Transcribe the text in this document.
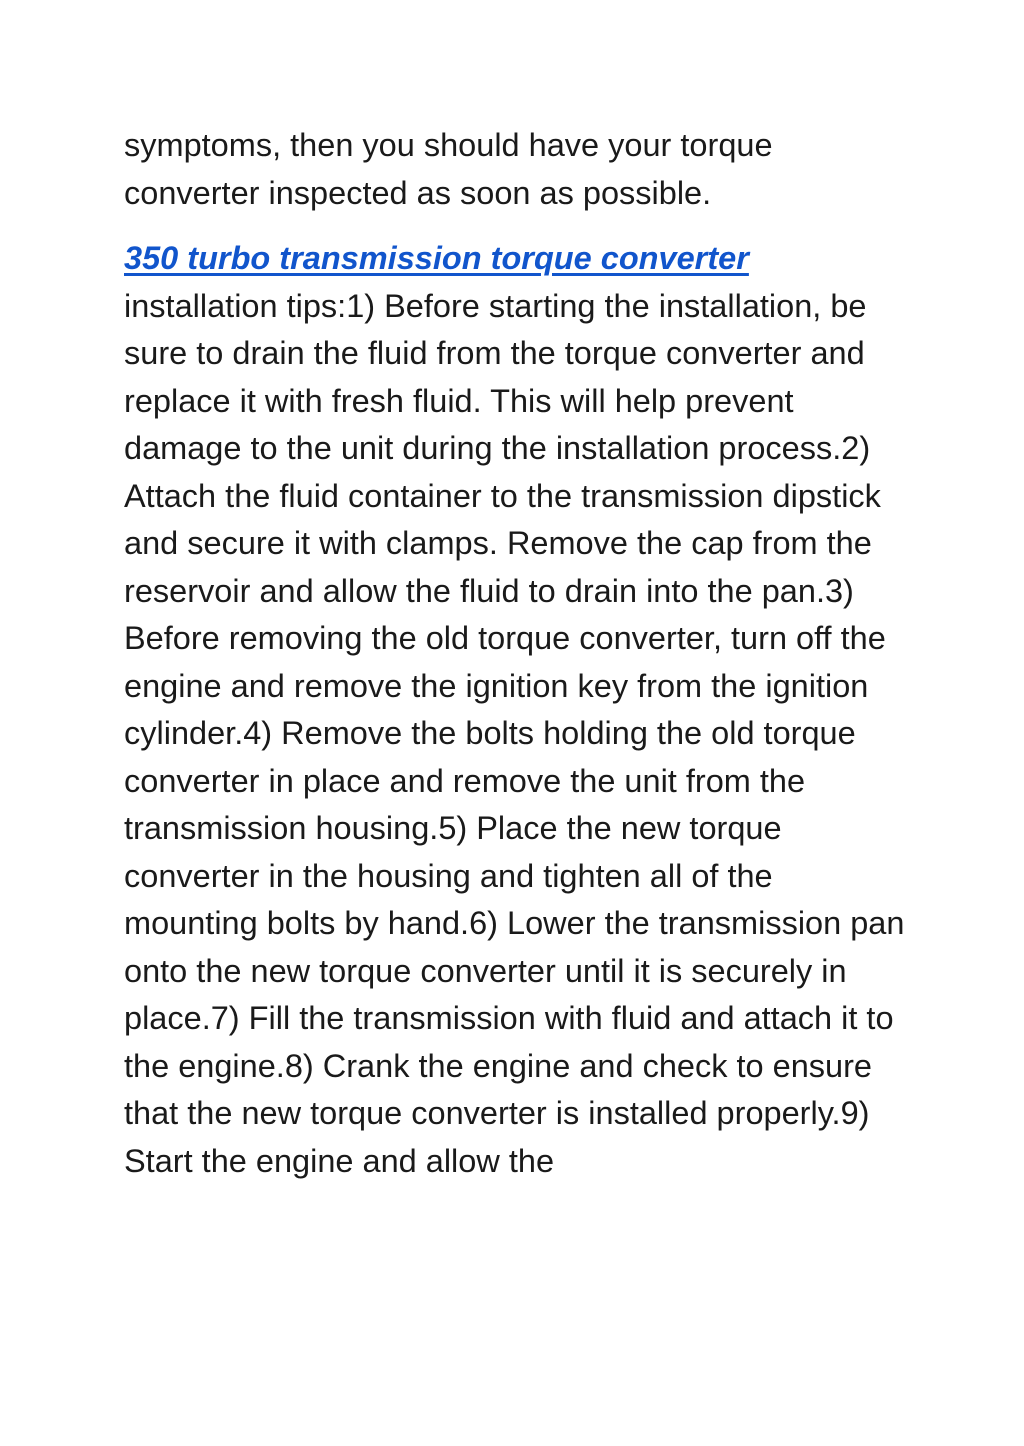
symptoms, then you should have your torque converter inspected as soon as possible.

350 turbo transmission torque converter
installation tips:1) Before starting the installation, be sure to drain the fluid from the torque converter and replace it with fresh fluid. This will help prevent damage to the unit during the installation process.2) Attach the fluid container to the transmission dipstick and secure it with clamps. Remove the cap from the reservoir and allow the fluid to drain into the pan.3) Before removing the old torque converter, turn off the engine and remove the ignition key from the ignition cylinder.4) Remove the bolts holding the old torque converter in place and remove the unit from the transmission housing.5) Place the new torque converter in the housing and tighten all of the mounting bolts by hand.6) Lower the transmission pan onto the new torque converter until it is securely in place.7) Fill the transmission with fluid and attach it to the engine.8) Crank the engine and check to ensure that the new torque converter is installed properly.9) Start the engine and allow the
